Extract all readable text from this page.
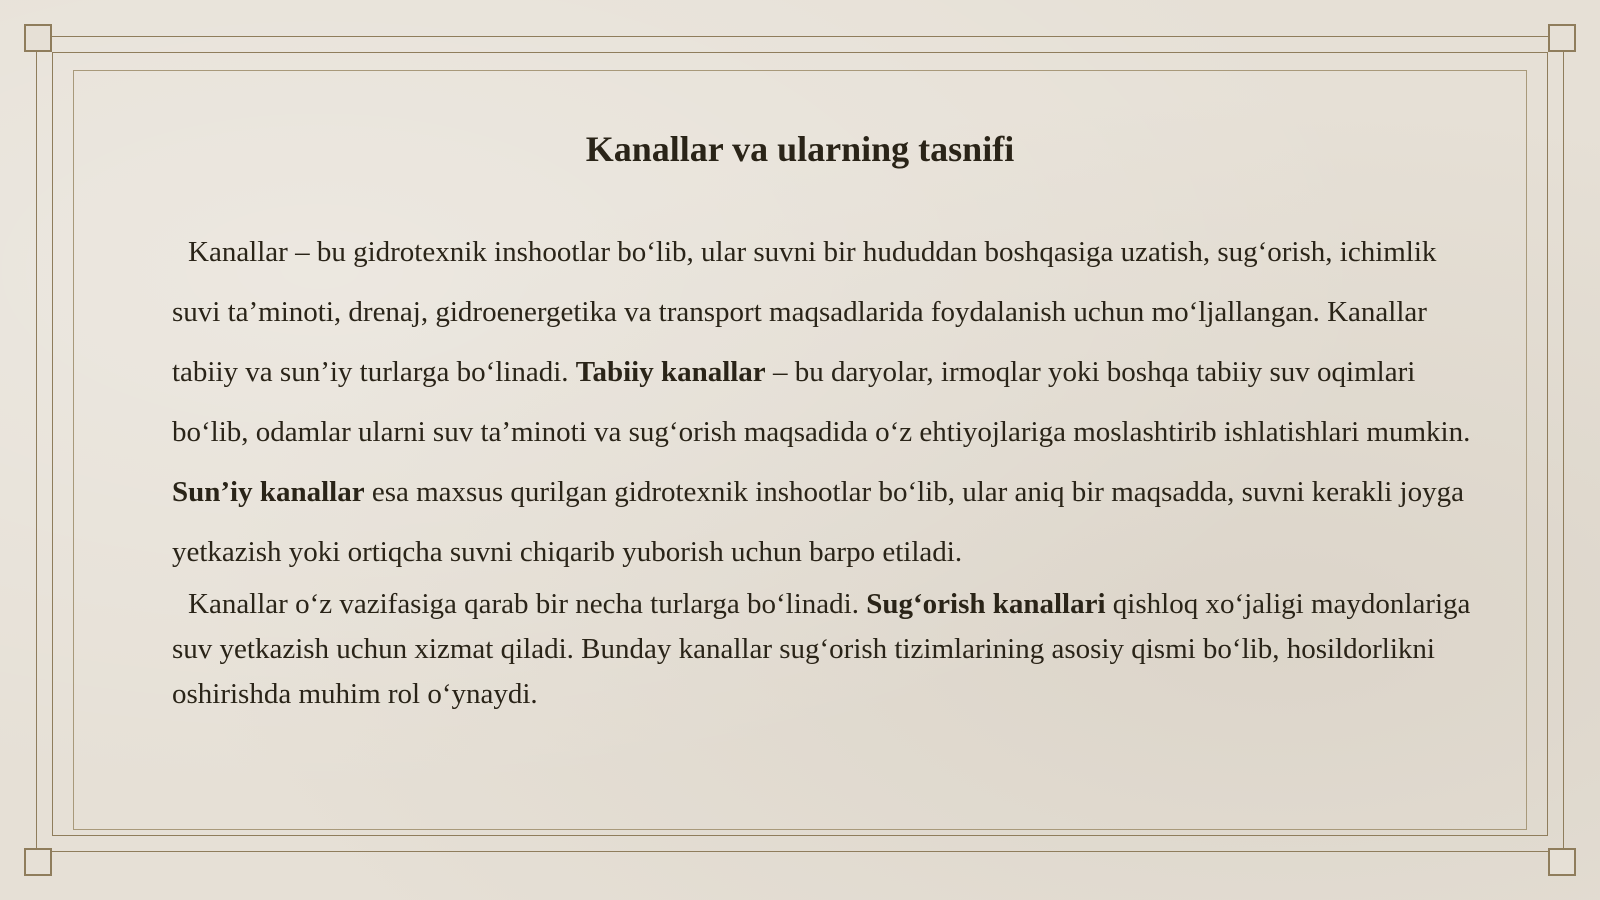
Kanallar va ularning tasnifi

Kanallar – bu gidrotexnik inshootlar bo‘lib, ular suvni bir hududdan boshqasiga uzatish, sug‘orish, ichimlik suvi ta’minoti, drenaj, gidroenergetika va transport maqsadlarida foydalanish uchun mo‘ljallangan. Kanallar tabiiy va sun’iy turlarga bo‘linadi. Tabiiy kanallar – bu daryolar, irmoqlar yoki boshqa tabiiy suv oqimlari bo‘lib, odamlar ularni suv ta’minoti va sug‘orish maqsadida o‘z ehtiyojlariga moslashtirib ishlatishlari mumkin. Sun’iy kanallar esa maxsus qurilgan gidrotexnik inshootlar bo‘lib, ular aniq bir maqsadda, suvni kerakli joyga yetkazish yoki ortiqcha suvni chiqarib yuborish uchun barpo etiladi.

Kanallar o‘z vazifasiga qarab bir necha turlarga bo‘linadi. Sug‘orish kanallari qishloq xo‘jaligi maydonlariga suv yetkazish uchun xizmat qiladi. Bunday kanallar sug‘orish tizimlarining asosiy qismi bo‘lib, hosildorlikni oshirishda muhim rol o‘ynaydi.
